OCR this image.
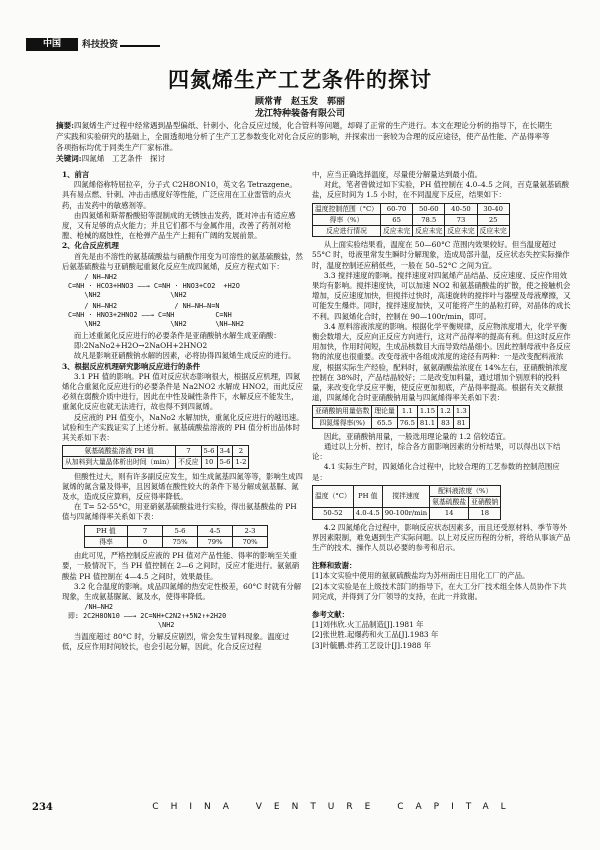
中国	科技投资
四氮烯生产工艺条件的探讨
顾常青　赵玉发　郭丽
龙江特种装备有限公司
摘要:四氮烯生产过程中经常遇到晶型偏纸、针刺小、化合反应过缓，化合管料等问题，却碍了正常的生产进行。本文在理论分析的指导下，在长期生产实践和实验研究的基础上，全面透彻地分析了生产工艺参数变化对化合反应的影响，并探索出一套较为合理的反应途径，使产品性能、产品得率等各项指标均优于同类生产厂家标准。
关键词:四氮烯　工艺条件　探讨

1、前言

四氮烯俗称特屈拉辛，分子式 C2H8ON10，英文名 Tetrazgene。具有易点燃、针刺、冲击击感度好等性能，广泛应用在工业雷管的点火药，击发药中的敏感剂等。

由四氮烯和斯蒂酚酸铅等混制成的无锈蚀击发药，既对冲击有适应感度，又有足够的点火能力；并且它们都不与金属作用，改善了药剂对枪膛、枪械的腐蚀性，在枪弹产品生产上拥有广阔的发展前景。

2、化合反应机理

首先是由不溶性的氨基硫酸盐与硝酸作用变为可溶性的氨基硫酸盐，然后氨基硫酸盐与亚硝酸起重氮化反应生成四氮烯，反应方程式如下：

/ NH—NH2
C=NH · HCO3+HNO3 ——→ C=NH · HNO3+CO2  +H2O
\NH2                 \NH2
/ NH—NH2              / NH—NH—N=N
C=NH · HNO3+2HNO2 ——→ C=NH          C=NH
\NH2                 \NH2       \NH—NH2

而上述重氮化反应进行的必要条件是亚硝酸钠水解生成亚硝酸：

即:2NaNo2+H2O→2NaOH+2HNO2

故凡是影响亚硝酸钠水解的因素，必将协得四氮烯生成反应的进行。

3、根据反应机理研究影响反应进行的条件

3.1 PH 值的影响。PH 值对反应状态影响很大，根据反应机理，四氮烯化合重氮化反应进行的必要条件是 Na2NO2 水解成 HNO2，而此反应必须在弱酸介质中进行，因此在中性及碱性条件下，水解反应不能发生，重氮化反应也就无法进行，故也得不到四氮烯。

反应液的 PH 值变小，NaNo2 水解加快，重氮化反应进行的越迅速。试验和生产实践证实了上述分析。氨基硫酸盐溶液的 PH 值分析出品体时其关系如下表：

氨基硫酸盐溶液 PH 值	7	5-6	3-4	2
从加料到大量晶体析出时间（min）	不反应	10	5-6	1-2

但酸性过大，则有许多副反应发生，如生成氮基四氮等等，影响生成四氮烯的氮含量及得率，且因氮烯在酸性较大的条件下易分解成氨基脲、氮及水，造成反应算料，反应得率降低。

在 T= 52-55°C，用亚硝氨基硫酸盐进行实验，得出氨基酸盐的 PH 值与四氮烯得率关系如下表：

PH 值	7	5-6	4-5	2-3
得率	0	75%	79%	70%

由此可见，严格控制反应液的 PH 值对产品性能、得率的影响至关重要，一般情况下，当 PH 值控制在 2—6 之间时，反应才能进行。氨氨硝酸盐 PH 值控制在 4—4.5 之间时，效果最佳。

3.2 化合温度的影响。成品四氮烯的热安定性极差，60°C 时就有分解现象，生成氨基脲氮、氮及水，使得率降低。

/NH—NH2
即: 2C2H8ON10 ——→ 2C=NH+C2N2↑+5N2↑+2H20
\NH2

当温度超过 80°C 时，分解反应剧烈，常会发生冒料现象。温度过低，反应作用时间较长，也会引起分解，因此，化合反应过程

中，应当正确选择温度，尽量使分解量达到最小值。

对此，笔者曾做过如下实验，PH 值控制在 4.0–4.5 之间，百克量氨基硫酸盐，反应时间为 1.5 小时，在不同温度下反应，结果如下：

温度控制范围（°C）	60-70	50-60	40-50	30-40
得率（%）	65	78.5	73	25
反应进行情况	反应未完	反应未完	反应未完	反应未完

从上面实验结果看，温度在 50—60°C 范围内效果较好。但当温度超过 55°C 时，母液里常发生瞬时分解现象，造成局部升温，反应状态失控实际操作时，温度控制还应稍低些，一般在 50–52°C 之间为宜。

3.3 搅拌速度的影响。搅拌速度对四氮烯产品结晶、反应速度、反应作用效果均有影响。搅拌速度快，可以加速 NO2 和氨基硝酸盐的扩散，使之接触机会增加，反应速度加快，但搅拌过快时，高速旋转的搅拌叶与器壁及母液摩擦，又可能发生爆炸。同时，搅拌速度加快，又可能将产生的晶粒打碎，对晶体的成长不利。四氮烯化合时，控制在 90—100r/min，即可。

3.4 原料溶液浓度的影响。根据化学平衡规律，反应物浓度增大，化学平衡衡会数增大，反应向正反应方向进行，这对产品得率的提高有利。但这时反应作用加快，作用时间短，生成品核数目大而导致结晶细小。因此控制母液中各反应物的浓度也很重要。改变母液中各组成浓度的途径有两种：一是改变配料液浓度，根据实际生产经验，配料时，氨氨硝酸盐浓度在 14%左右，亚硝酸钠浓度控制在 38%时，产品结晶较好；二是改变加料量，通过增加个别原料的投料量，来改变化学反应平衡，使反应更加彻底，产品得率提高。根据有关文献报道，四氮烯化合时亚硝酸钠用量与四氮烯得率关系如下表：

亚硝酸钠用量倍数	理论量	1.1	1.15	1.2	1.3
四氮烯得率(%)	65.5	76.5	81.1	83	81

因此，亚硝酸钠用量，一般选用理论量的 1.2 倍较适宜。

通过以上分析、控讨，综合各方面影响因素的分析结果，可以得出以下结论：

4.1 实际生产时，四氮烯化合过程中，比较合理的工艺参数的控制范围应是：

温度（°C）	PH 值	搅拌速度	配料液浓度（%）	
			氨基硫酸盐	亚硝酸钠
50-52	4.0-4.5	90-100r/min	14	18

4.2 四氮烯化合过程中，影响反应状态因素多，而且还受原材料、季节等外界因素限制，难免遇到生产实际问题。以上对反应历程的分析，将给从事该产品生产的技术、操作人员以必要的参考和启示。

注释和致谢：

[1]本文实验中使用的氨氨硫酸盐均为苏州南庄日用化工厂的产品。

[2]本文实验是在上级技术部门的指导下，在大工分厂技术组全体人员协作下共同完成，并得到了分厂领导的支持，在此一并致谢。

参考文献：

[1]刘伟欣.火工品制造[J].1981 年

[2]张世胜.起爆药和火工品[J].1983 年

[3]叶毓鹏.炸药工艺设计[J].1988 年

234	CHINA VENTURE CAPITAL
